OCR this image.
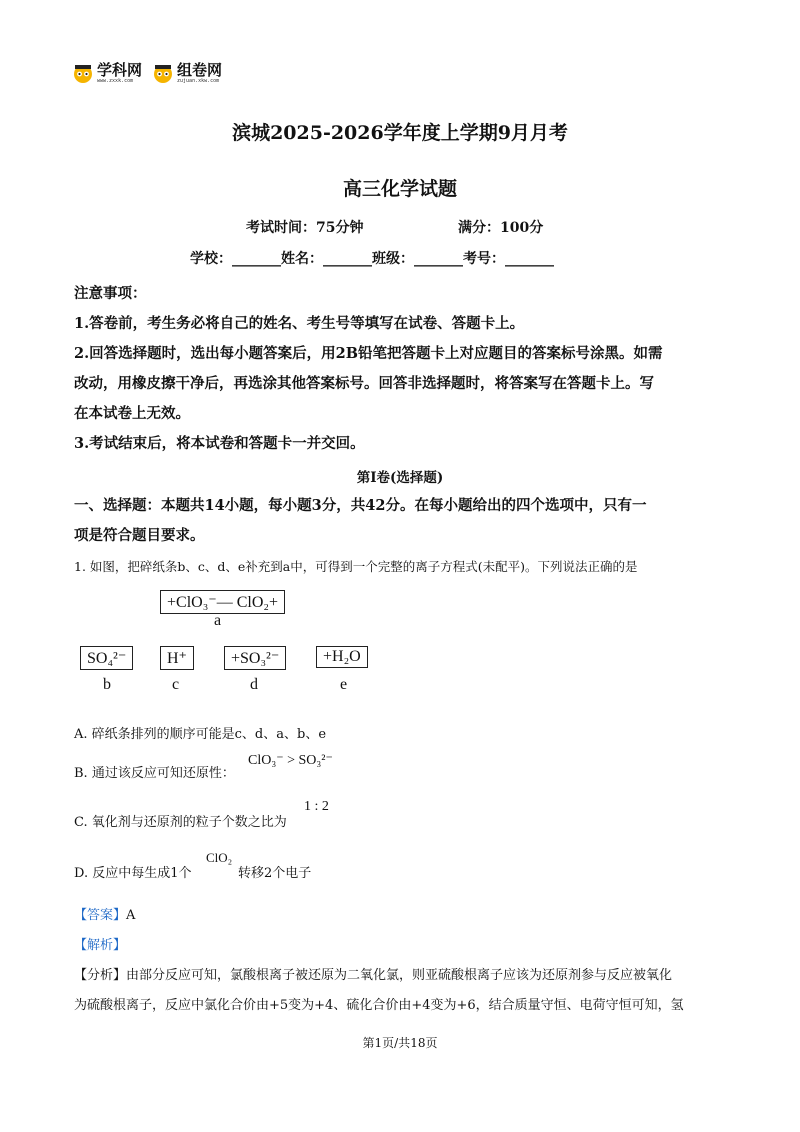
学科网
www.zxxk.com
组卷网
zujuan.xkw.com
滨城2025-2026学年度上学期9月月考
高三化学试题
考试时间：75分钟	满分：100分
学校：_______姓名：_______班级：_______考号：_______
注意事项：
1.答卷前，考生务必将自己的姓名、考生号等填写在试卷、答题卡上。
2.回答选择题时，选出每小题答案后，用2B铅笔把答题卡上对应题目的答案标号涂黑。如需
改动，用橡皮擦干净后，再选涂其他答案标号。回答非选择题时，将答案写在答题卡上。写
在本试卷上无效。
3.考试结束后，将本试卷和答题卡一并交回。
第I卷(选择题)
一、选择题：本题共14小题，每小题3分，共42分。在每小题给出的四个选项中，只有一
项是符合题目要求。
1. 如图，把碎纸条b、c、d、e补充到a中，可得到一个完整的离子方程式(未配平)。下列说法正确的是
+ClO₃⁻— ClO₂+
a
SO₄²⁻	H⁺	+SO₃²⁻	+H₂O
b	c	d	e
A. 碎纸条排列的顺序可能是c、d、a、b、e
B. 通过该反应可知还原性：
ClO₃⁻ > SO₃²⁻
C. 氧化剂与还原剂的粒子个数之比为
1 : 2
D. 反应中每生成1个
ClO₂
转移2个电子
【答案】A
【解析】
【分析】由部分反应可知，氯酸根离子被还原为二氧化氯，则亚硫酸根离子应该为还原剂参与反应被氧化
为硫酸根离子，反应中氯化合价由+5变为+4、硫化合价由+4变为+6，结合质量守恒、电荷守恒可知，氢
第1页/共18页
